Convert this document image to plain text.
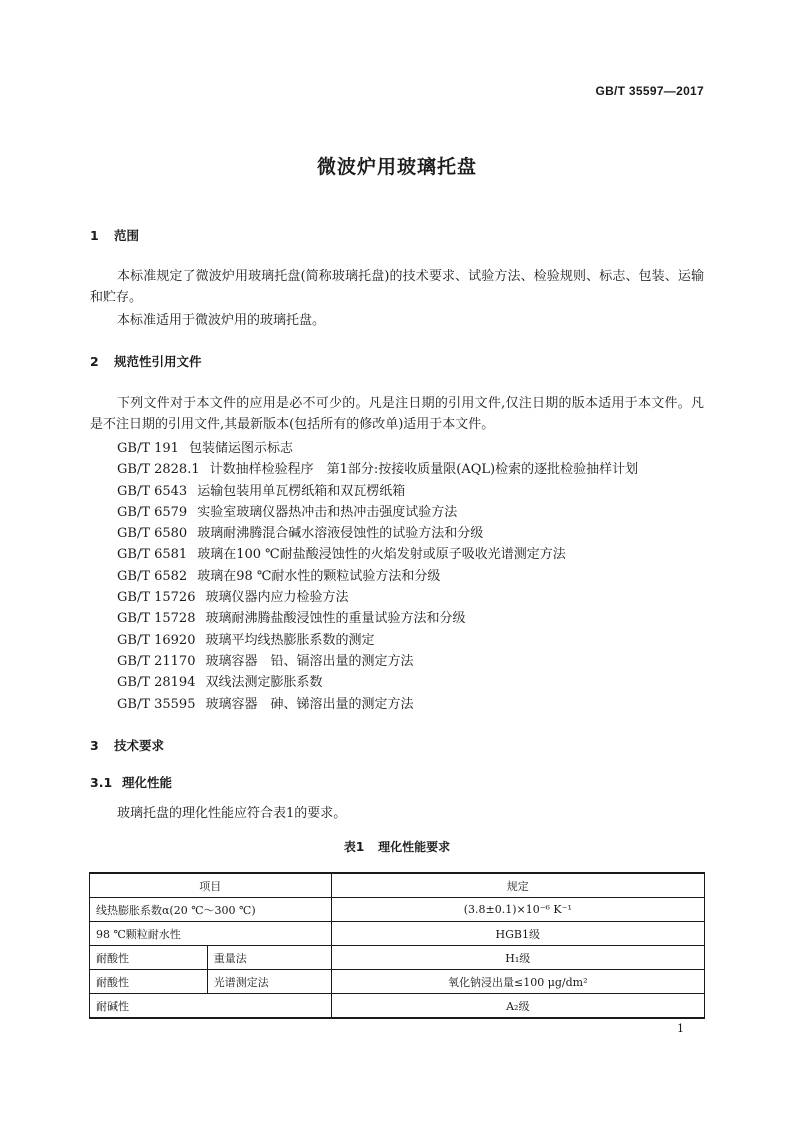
GB/T 35597—2017
微波炉用玻璃托盘
1 范围
本标准规定了微波炉用玻璃托盘(简称玻璃托盘)的技术要求、试验方法、检验规则、标志、包装、运输和贮存。
本标准适用于微波炉用的玻璃托盘。
2 规范性引用文件
下列文件对于本文件的应用是必不可少的。凡是注日期的引用文件,仅注日期的版本适用于本文件。凡是不注日期的引用文件,其最新版本(包括所有的修改单)适用于本文件。
GB/T 191 包装储运图示标志
GB/T 2828.1 计数抽样检验程序　第1部分:按接收质量限(AQL)检索的逐批检验抽样计划
GB/T 6543 运输包装用单瓦楞纸箱和双瓦楞纸箱
GB/T 6579 实验室玻璃仪器热冲击和热冲击强度试验方法
GB/T 6580 玻璃耐沸腾混合碱水溶液侵蚀性的试验方法和分级
GB/T 6581 玻璃在100 ℃耐盐酸浸蚀性的火焰发射或原子吸收光谱测定方法
GB/T 6582 玻璃在98 ℃耐水性的颗粒试验方法和分级
GB/T 15726 玻璃仪器内应力检验方法
GB/T 15728 玻璃耐沸腾盐酸浸蚀性的重量试验方法和分级
GB/T 16920 玻璃平均线热膨胀系数的测定
GB/T 21170 玻璃容器　铅、镉溶出量的测定方法
GB/T 28194 双线法测定膨胀系数
GB/T 35595 玻璃容器　砷、锑溶出量的测定方法
3 技术要求
3.1 理化性能
玻璃托盘的理化性能应符合表1的要求。
表1 理化性能要求
项目		规定
线热膨胀系数α(20 ℃～300 ℃)		(3.8±0.1)×10⁻⁶ K⁻¹
98 ℃颗粒耐水性		HGB1级
耐酸性	重量法	H₁级
耐酸性	光谱测定法	氧化钠浸出量≤100 μg/dm²
耐碱性		A₂级
1
